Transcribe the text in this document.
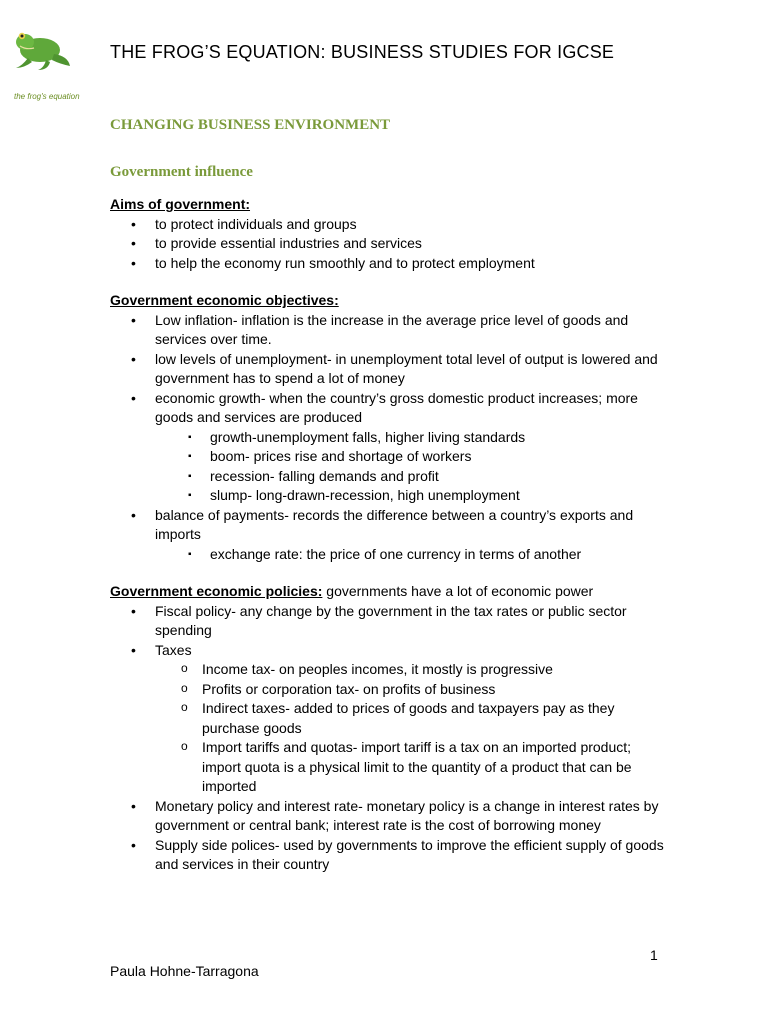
the frog's equation
THE FROG’S EQUATION: BUSINESS STUDIES FOR IGCSE
CHANGING BUSINESS ENVIRONMENT
Government influence
Aims of government:
• to protect individuals and groups
• to provide essential industries and services
• to help the economy run smoothly and to protect employment
Government economic objectives:
• Low inflation- inflation is the increase in the average price level of goods and services over time.
• low levels of unemployment- in unemployment total level of output is lowered and government has to spend a lot of money
• economic growth- when the country’s gross domestic product increases; more goods and services are produced
▪ growth-unemployment falls, higher living standards
▪ boom- prices rise and shortage of workers
▪ recession- falling demands and profit
▪ slump- long-drawn-recession, high unemployment
• balance of payments- records the difference between a country’s exports and imports
▪ exchange rate: the price of one currency in terms of another
Government economic policies: governments have a lot of economic power
• Fiscal policy- any change by the government in the tax rates or public sector spending
• Taxes
o Income tax- on peoples incomes, it mostly is progressive
o Profits or corporation tax- on profits of business
o Indirect taxes- added to prices of goods and taxpayers pay as they purchase goods
o Import tariffs and quotas- import tariff is a tax on an imported product; import quota is a physical limit to the quantity of a product that can be imported
• Monetary policy and interest rate- monetary policy is a change in interest rates by government or central bank; interest rate is the cost of borrowing money
• Supply side polices- used by governments to improve the efficient supply of goods and services in their country
1
Paula Hohne-Tarragona
